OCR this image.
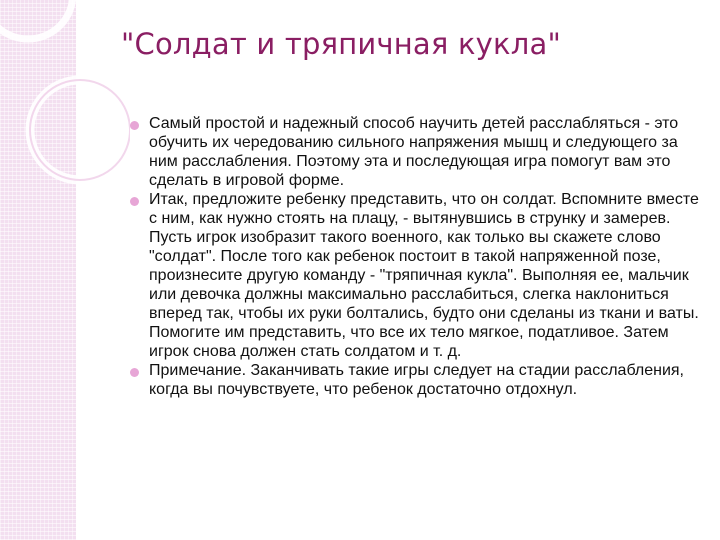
"Солдат и тряпичная кукла"
Самый простой и надежный способ научить детей расслабляться - это обучить их чередованию сильного напряжения мышц и следующего за ним расслабления. Поэтому эта и последующая игра помогут вам это сделать в игровой форме.
Итак, предложите ребенку представить, что он солдат. Вспомните вместе с ним, как нужно стоять на плацу, - вытянувшись в струнку и замерев. Пусть игрок изобразит такого военного, как только вы скажете слово "солдат". После того как ребенок постоит в такой напряженной позе, произнесите другую команду - "тряпичная кукла". Выполняя ее, мальчик или девочка должны максимально расслабиться, слегка наклониться вперед так, чтобы их руки болтались, будто они сделаны из ткани и ваты. Помогите им представить, что все их тело мягкое, податливое. Затем игрок снова должен стать солдатом и т. д.
Примечание. Заканчивать такие игры следует на стадии расслабления, когда вы почувствуете, что ребенок достаточно отдохнул.
